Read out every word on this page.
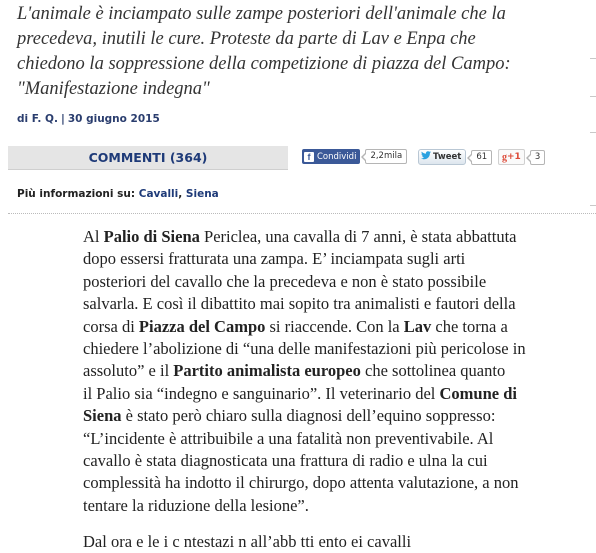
L'animale è inciampato sulle zampe posteriori dell'animale che la
precedeva, inutili le cure. Proteste da parte di Lav e Enpa che
chiedono la soppressione della competizione di piazza del Campo:
"Manifestazione indegna"
di F. Q. | 30 giugno 2015
COMMENTI (364)	f Condividi	2,2mila	Tweet	61	g +1	3
Più informazioni su: Cavalli, Siena
Al Palio di Siena Periclea, una cavalla di 7 anni, è stata abbattuta
dopo essersi fratturata una zampa. E’ inciampata sugli arti
posteriori del cavallo che la precedeva e non è stato possibile
salvarla. E così il dibattito mai sopito tra animalisti e fautori della
corsa di Piazza del Campo si riaccende. Con la Lav che torna a
chiedere l’abolizione di “una delle manifestazioni più pericolose in
assoluto” e il Partito animalista europeo che sottolinea quanto
il Palio sia “indegno e sanguinario”. Il veterinario del Comune di
Siena è stato però chiaro sulla diagnosi dell’equino soppresso:
“L’incidente è attribuibile a una fatalità non preventivabile. Al
cavallo è stata diagnosticata una frattura di radio e ulna la cui
complessità ha indotto il chirurgo, dopo attenta valutazione, a non
tentare la riduzione della lesione”.
Dal ora e le i c ntestazi n all’abb tti ento ei cavalli
